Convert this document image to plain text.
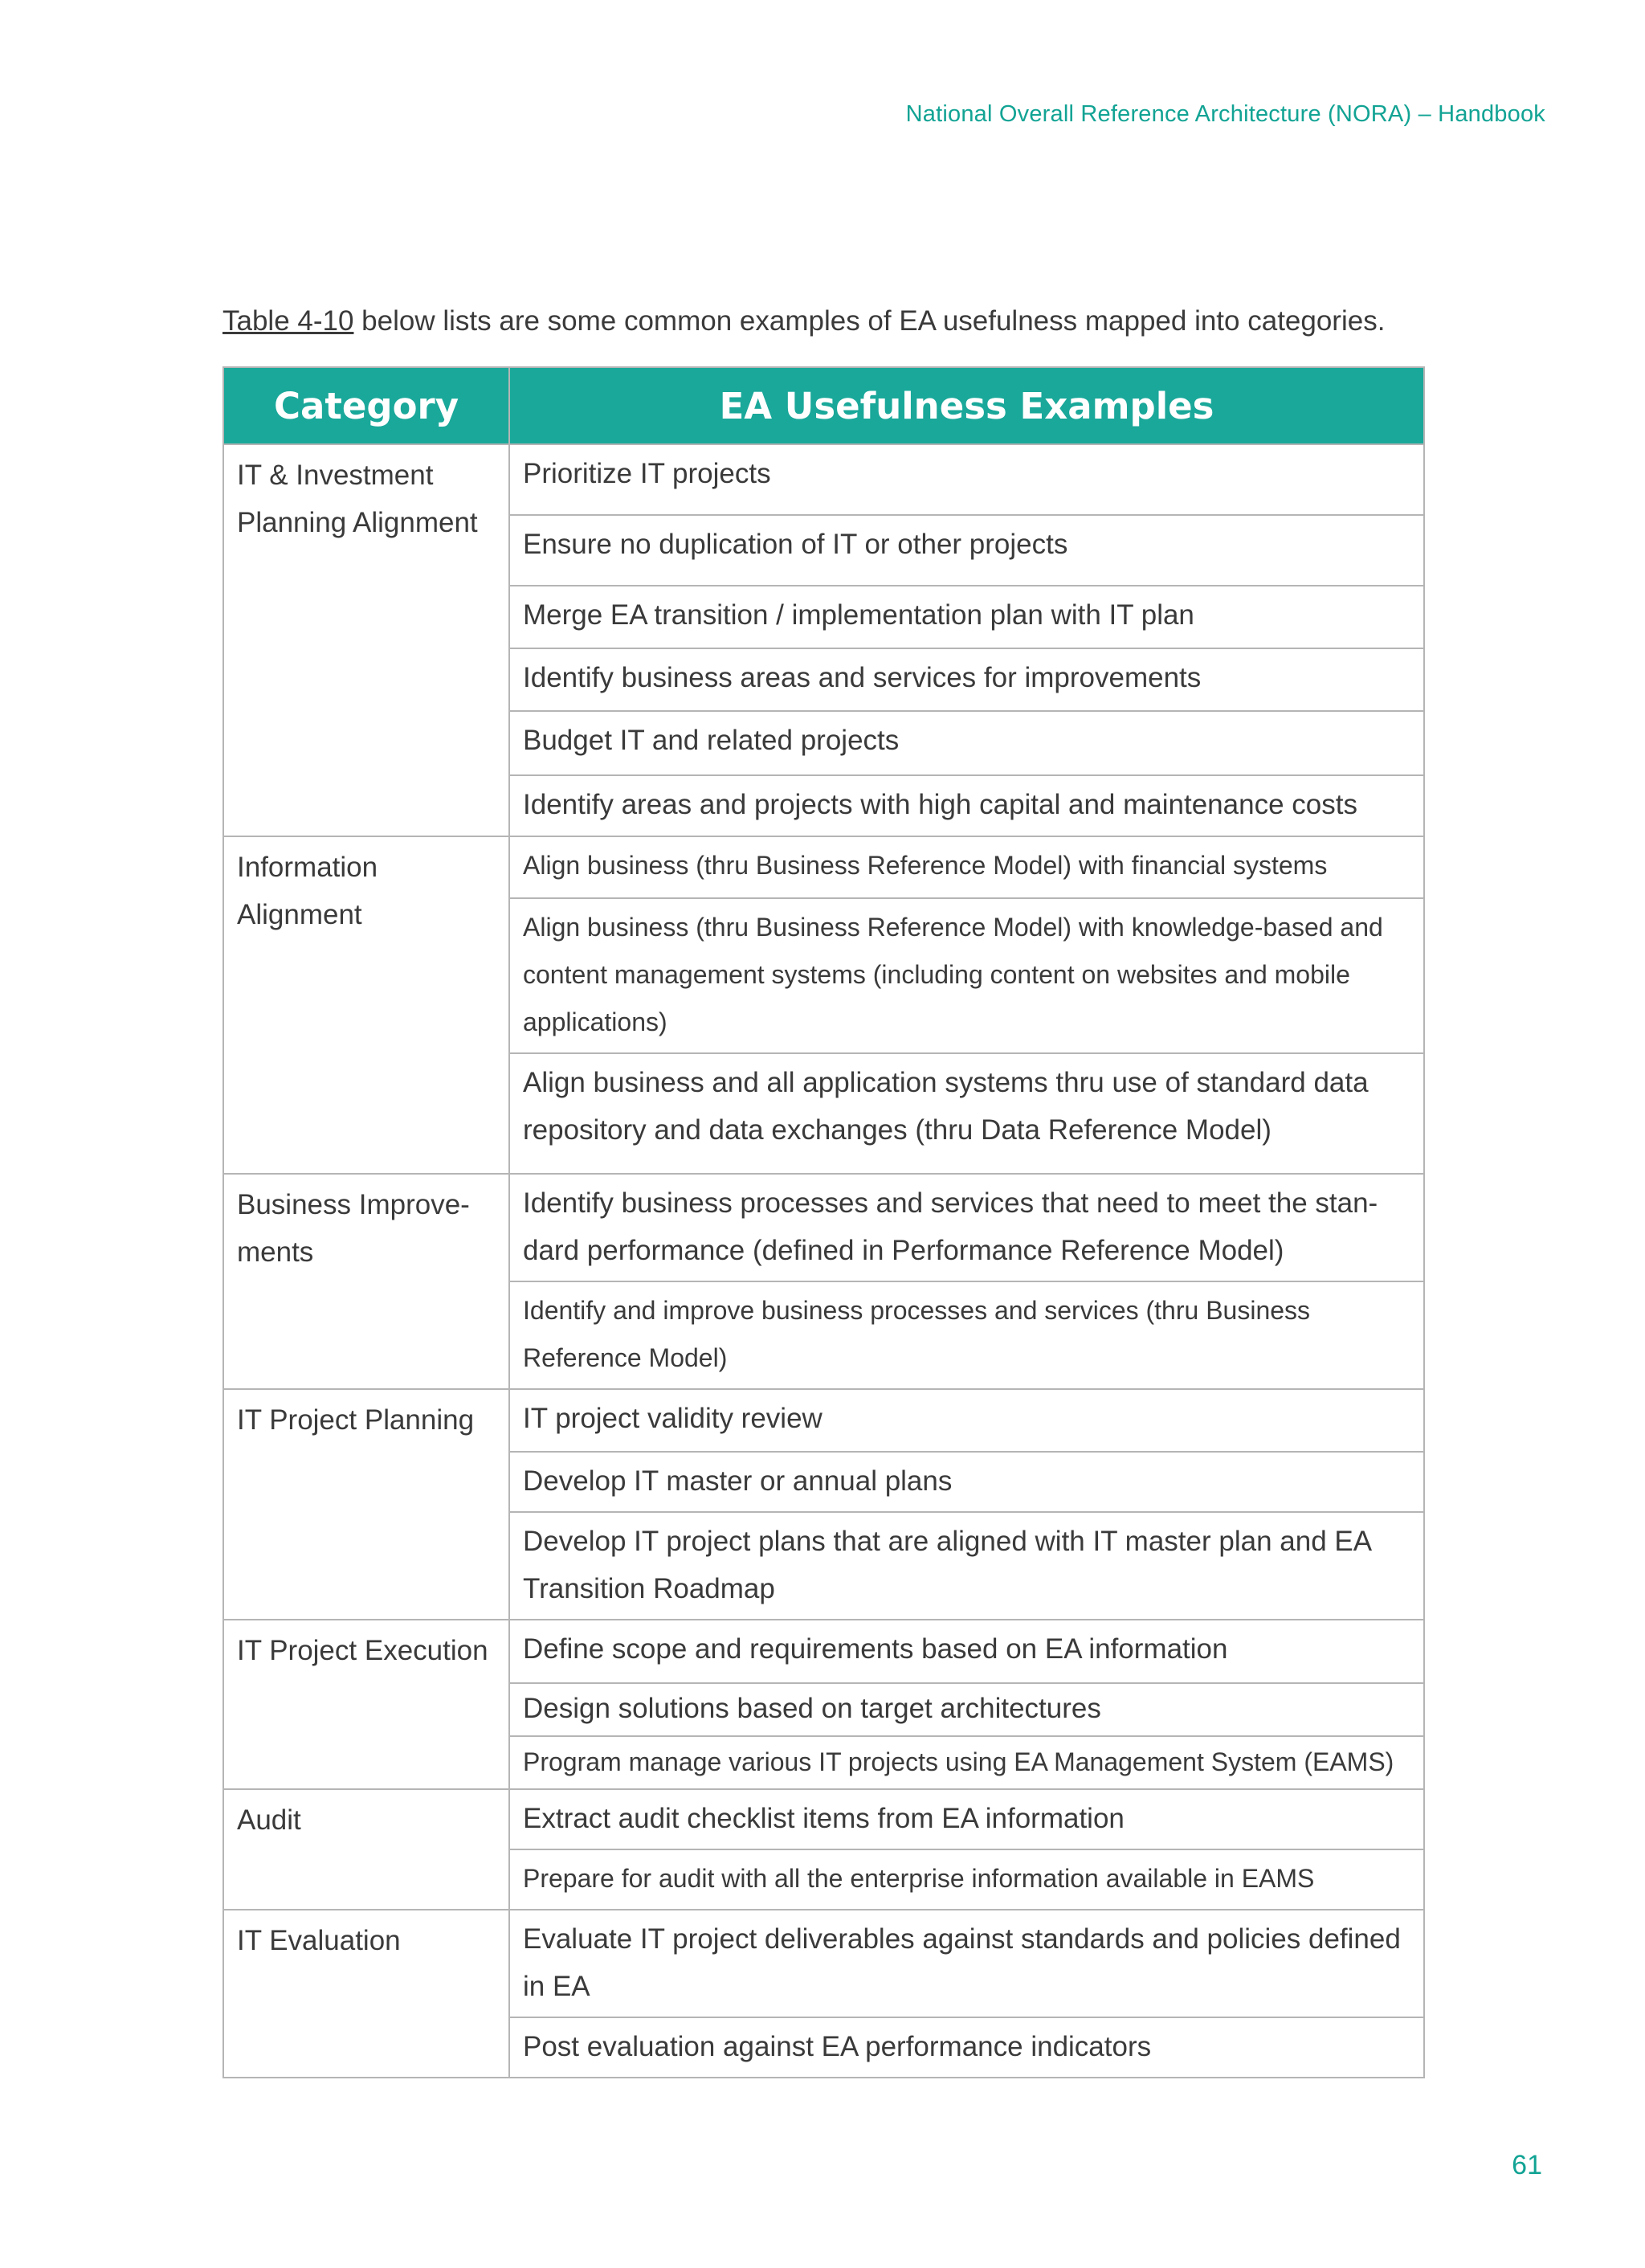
National Overall Reference Architecture (NORA) – Handbook

Table 4-10 below lists are some common examples of EA usefulness mapped into categories.

Category	EA Usefulness Examples
IT & Investment Planning Alignment	Prioritize IT projects
	Ensure no duplication of IT or other projects
	Merge EA transition / implementation plan with IT plan
	Identify business areas and services for improvements
	Budget IT and related projects
	Identify areas and projects with high capital and maintenance costs
Information Alignment	Align business (thru Business Reference Model) with financial systems
	Align business (thru Business Reference Model) with knowledge-based and content management systems (including content on websites and mobile applications)
	Align business and all application systems thru use of standard data repository and data exchanges (thru Data Reference Model)
Business Improve-ments	Identify business processes and services that need to meet the stan-dard performance (defined in Performance Reference Model)
	Identify and improve business processes and services (thru Business Reference Model)
IT Project Planning	IT project validity review
	Develop IT master or annual plans
	Develop IT project plans that are aligned with IT master plan and EA Transition Roadmap
IT Project Execution	Define scope and requirements based on EA information
	Design solutions based on target architectures
	Program manage various IT projects using EA Management System (EAMS)
Audit	Extract audit checklist items from EA information
	Prepare for audit with all the enterprise information available in EAMS
IT Evaluation	Evaluate IT project deliverables against standards and policies defined in EA
	Post evaluation against EA performance indicators
61
